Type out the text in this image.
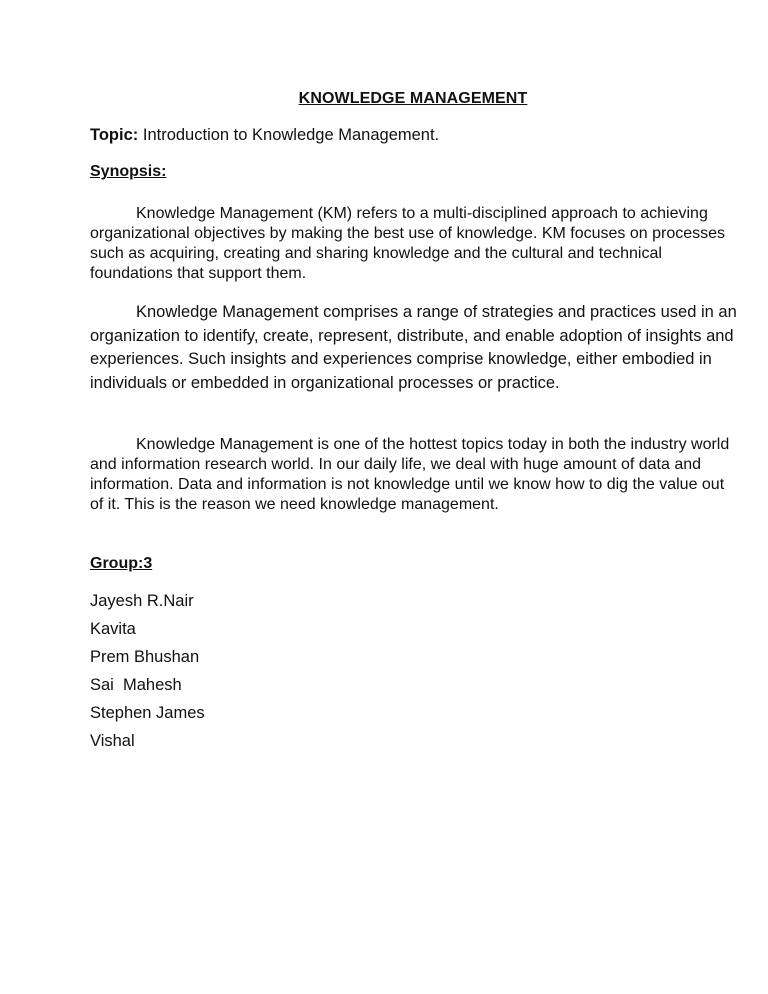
KNOWLEDGE MANAGEMENT

Topic: Introduction to Knowledge Management.

Synopsis:

Knowledge Management (KM) refers to a multi-disciplined approach to achieving organizational objectives by making the best use of knowledge. KM focuses on processes such as acquiring, creating and sharing knowledge and the cultural and technical foundations that support them.

Knowledge Management comprises a range of strategies and practices used in an organization to identify, create, represent, distribute, and enable adoption of insights and experiences. Such insights and experiences comprise knowledge, either embodied in individuals or embedded in organizational processes or practice.

Knowledge Management is one of the hottest topics today in both the industry world and information research world. In our daily life, we deal with huge amount of data and information. Data and information is not knowledge until we know how to dig the value out of it. This is the reason we need knowledge management.

Group:3

Jayesh R.Nair
Kavita
Prem Bhushan
Sai  Mahesh
Stephen James
Vishal
